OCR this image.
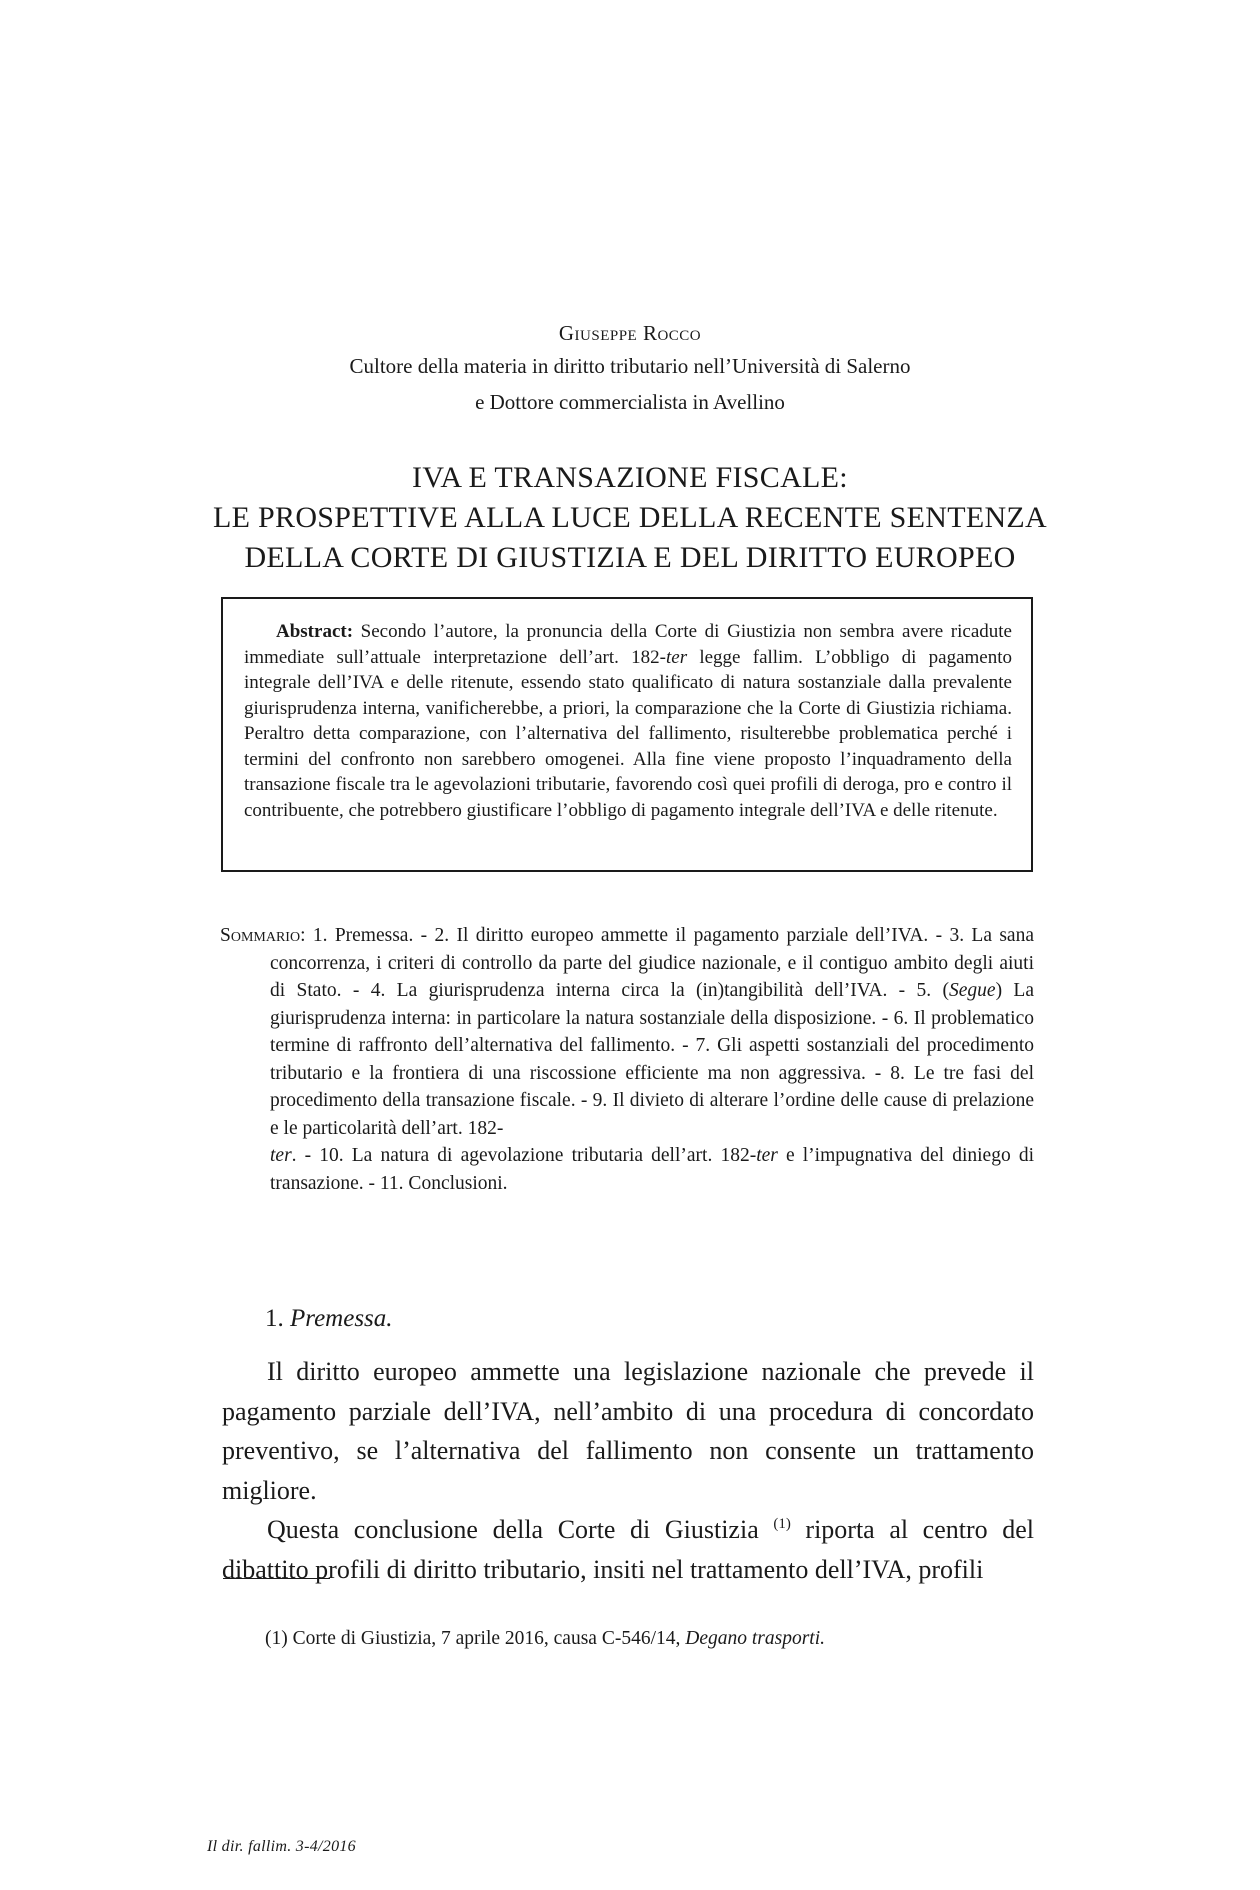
Giuseppe Rocco
Cultore della materia in diritto tributario nell’Università di Salerno
e Dottore commercialista in Avellino
IVA E TRANSAZIONE FISCALE:
LE PROSPETTIVE ALLA LUCE DELLA RECENTE SENTENZA
DELLA CORTE DI GIUSTIZIA E DEL DIRITTO EUROPEO

Abstract: Secondo l’autore, la pronuncia della Corte di Giustizia non sembra avere ricadute immediate sull’attuale interpretazione dell’art. 182-ter legge fallim. L’obbligo di pagamento integrale dell’IVA e delle ritenute, essendo stato qualificato di natura sostanziale dalla prevalente giurisprudenza interna, vanificherebbe, a priori, la comparazione che la Corte di Giustizia richiama. Peraltro detta comparazione, con l’alternativa del fallimento, risulterebbe problematica perché i termini del confronto non sarebbero omogenei. Alla fine viene proposto l’inquadramento della transazione fiscale tra le agevolazioni tributarie, favorendo così quei profili di deroga, pro e contro il contribuente, che potrebbero giustificare l’obbligo di pagamento integrale dell’IVA e delle ritenute.

Sommario: 1. Premessa. - 2. Il diritto europeo ammette il pagamento parziale dell’IVA. - 3. La sana concorrenza, i criteri di controllo da parte del giudice nazionale, e il contiguo ambito degli aiuti di Stato. - 4. La giurisprudenza interna circa la (in)tangibilità dell’IVA. - 5. (Segue) La giurisprudenza interna: in particolare la natura sostanziale della disposizione. - 6. Il problematico termine di raffronto dell’alternativa del fallimento. - 7. Gli aspetti sostanziali del procedimento tributario e la frontiera di una riscossione efficiente ma non aggressiva. - 8. Le tre fasi del procedimento della transazione fiscale. - 9. Il divieto di alterare l’ordine delle cause di prelazione e le particolarità dell’art. 182-
ter. - 10. La natura di agevolazione tributaria dell’art. 182-ter e l’impugnativa del diniego di transazione. - 11. Conclusioni.

1. Premessa.

Il diritto europeo ammette una legislazione nazionale che prevede il pagamento parziale dell’IVA, nell’ambito di una procedura di concordato preventivo, se l’alternativa del fallimento non consente un trattamento migliore.

Questa conclusione della Corte di Giustizia $^{(1)}$ riporta al centro del dibattito profili di diritto tributario, insiti nel trattamento dell’IVA, profili

(1) Corte di Giustizia, 7 aprile 2016, causa C-546/14, Degano trasporti.

Il dir. fallim. 3-4/2016
